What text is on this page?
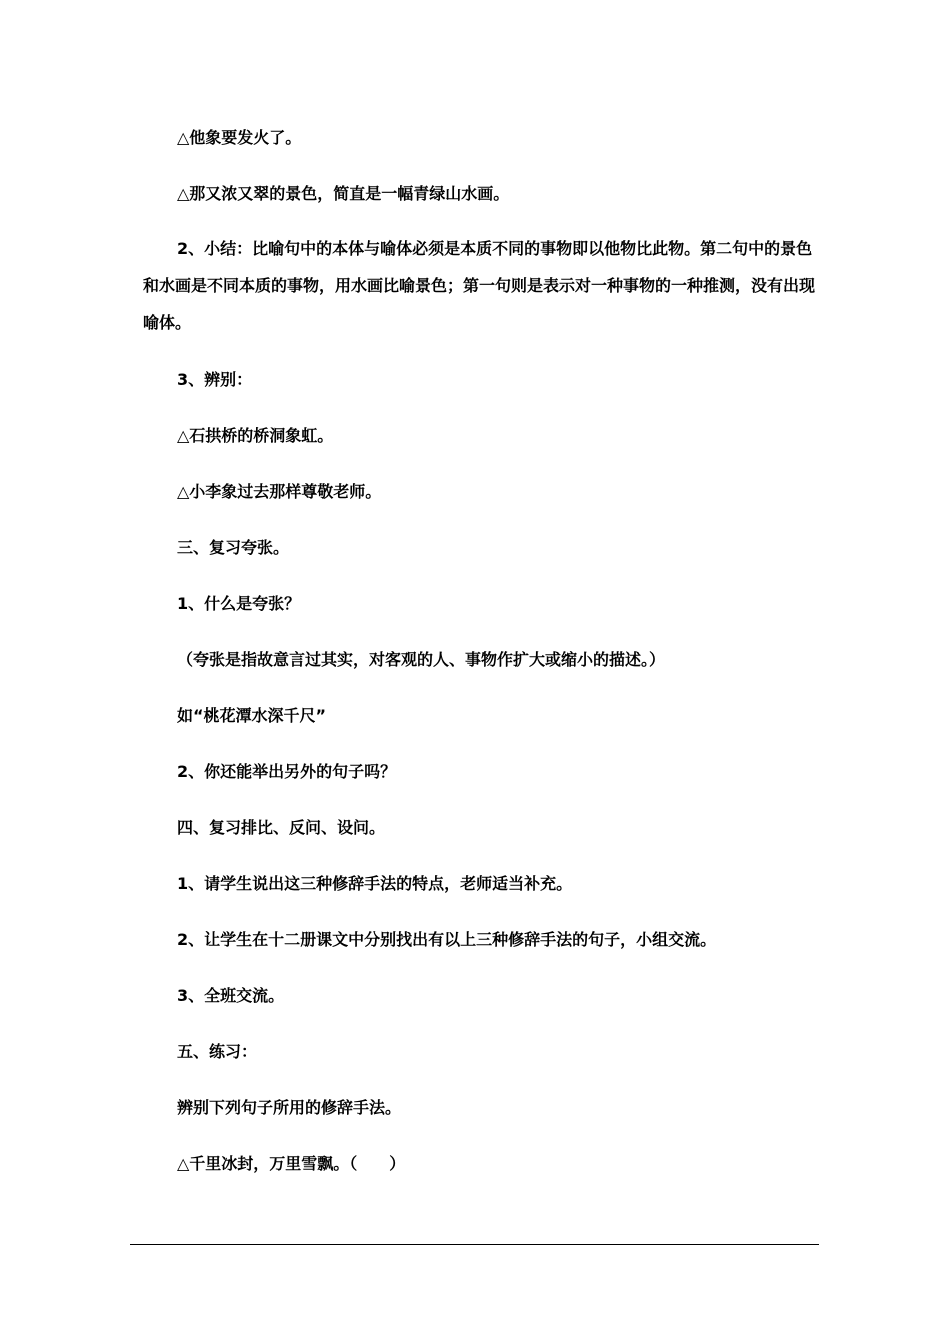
△他象要发火了。

△那又浓又翠的景色，简直是一幅青绿山水画。

2、小结：比喻句中的本体与喻体必须是本质不同的事物即以他物比此物。第二句中的景色和水画是不同本质的事物，用水画比喻景色；第一句则是表示对一种事物的一种推测，没有出现喻体。

3、辨别：

△石拱桥的桥洞象虹。

△小李象过去那样尊敬老师。

三、复习夸张。

1、什么是夸张？

（夸张是指故意言过其实，对客观的人、事物作扩大或缩小的描述。）

如“桃花潭水深千尺”

2、你还能举出另外的句子吗？

四、复习排比、反问、设问。

1、请学生说出这三种修辞手法的特点，老师适当补充。

2、让学生在十二册课文中分别找出有以上三种修辞手法的句子，小组交流。

3、全班交流。

五、练习：

辨别下列句子所用的修辞手法。

△千里冰封，万里雪飘。（　　）
